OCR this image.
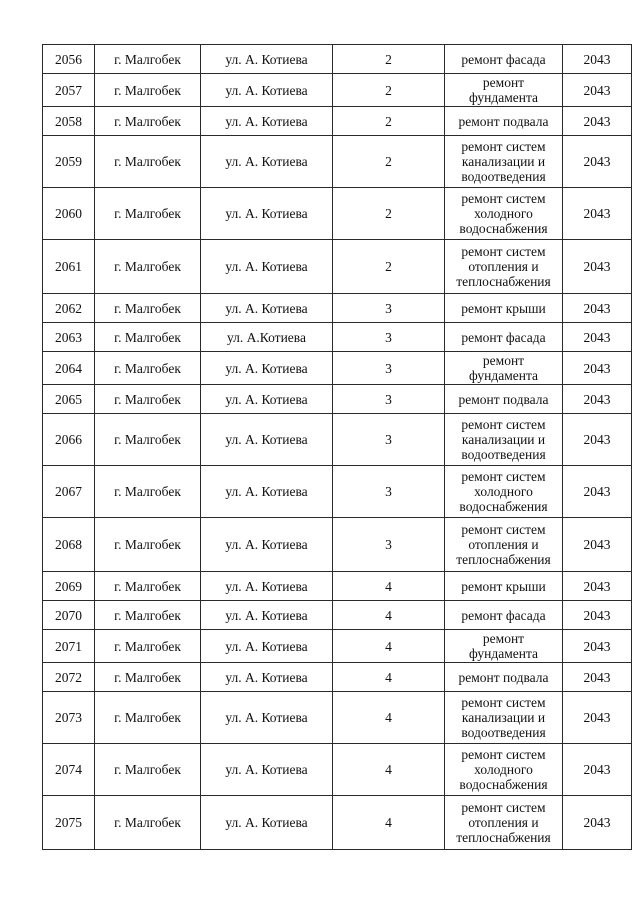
2056	г. Малгобек	ул. А. Котиева	2	ремонт фасада	2043
2057	г. Малгобек	ул. А. Котиева	2	ремонт фундамента	2043
2058	г. Малгобек	ул. А. Котиева	2	ремонт подвала	2043
2059	г. Малгобек	ул. А. Котиева	2	ремонт систем канализации и водоотведения	2043
2060	г. Малгобек	ул. А. Котиева	2	ремонт систем холодного водоснабжения	2043
2061	г. Малгобек	ул. А. Котиева	2	ремонт систем отопления и теплоснабжения	2043
2062	г. Малгобек	ул. А. Котиева	3	ремонт крыши	2043
2063	г. Малгобек	ул. А.Котиева	3	ремонт фасада	2043
2064	г. Малгобек	ул. А. Котиева	3	ремонт фундамента	2043
2065	г. Малгобек	ул. А. Котиева	3	ремонт подвала	2043
2066	г. Малгобек	ул. А. Котиева	3	ремонт систем канализации и водоотведения	2043
2067	г. Малгобек	ул. А. Котиева	3	ремонт систем холодного водоснабжения	2043
2068	г. Малгобек	ул. А. Котиева	3	ремонт систем отопления и теплоснабжения	2043
2069	г. Малгобек	ул. А. Котиева	4	ремонт крыши	2043
2070	г. Малгобек	ул. А. Котиева	4	ремонт фасада	2043
2071	г. Малгобек	ул. А. Котиева	4	ремонт фундамента	2043
2072	г. Малгобек	ул. А. Котиева	4	ремонт подвала	2043
2073	г. Малгобек	ул. А. Котиева	4	ремонт систем канализации и водоотведения	2043
2074	г. Малгобек	ул. А. Котиева	4	ремонт систем холодного водоснабжения	2043
2075	г. Малгобек	ул. А. Котиева	4	ремонт систем отопления и теплоснабжения	2043
